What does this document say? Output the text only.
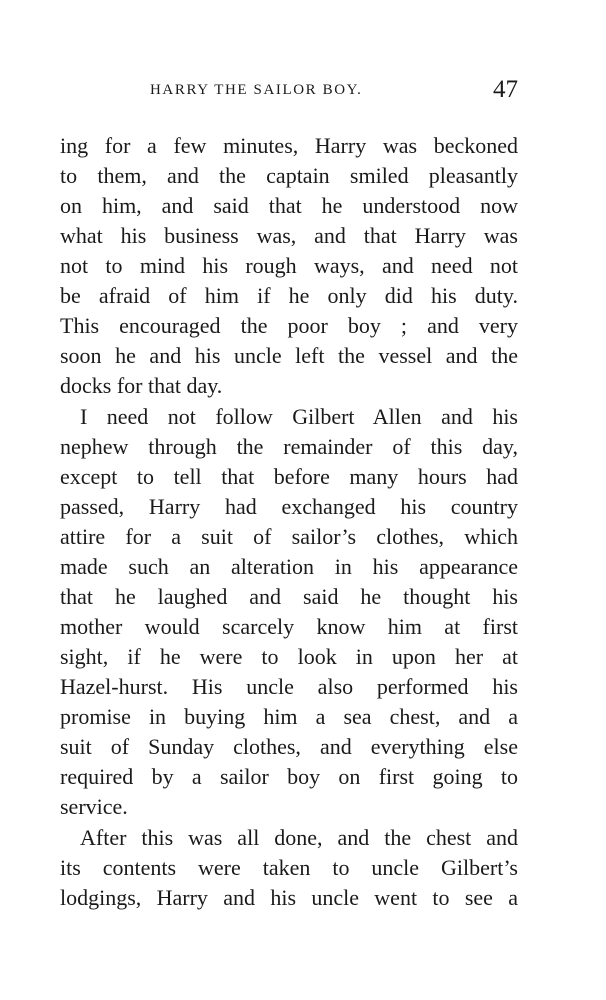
HARRY THE SAILOR BOY.	47
ing for a few minutes, Harry was beckoned
to them, and the captain smiled pleasantly
on him, and said that he understood now
what his business was, and that Harry was
not to mind his rough ways, and need not
be afraid of him if he only did his duty.
This encouraged the poor boy ; and very
soon he and his uncle left the vessel and the
docks for that day.
I need not follow Gilbert Allen and his
nephew through the remainder of this day,
except to tell that before many hours had
passed, Harry had exchanged his country
attire for a suit of sailor’s clothes, which
made such an alteration in his appearance
that he laughed and said he thought his
mother would scarcely know him at first
sight, if he were to look in upon her at
Hazel-hurst. His uncle also performed his
promise in buying him a sea chest, and a
suit of Sunday clothes, and everything else
required by a sailor boy on first going to
service.
After this was all done, and the chest and
its contents were taken to uncle Gilbert’s
lodgings, Harry and his uncle went to see a
